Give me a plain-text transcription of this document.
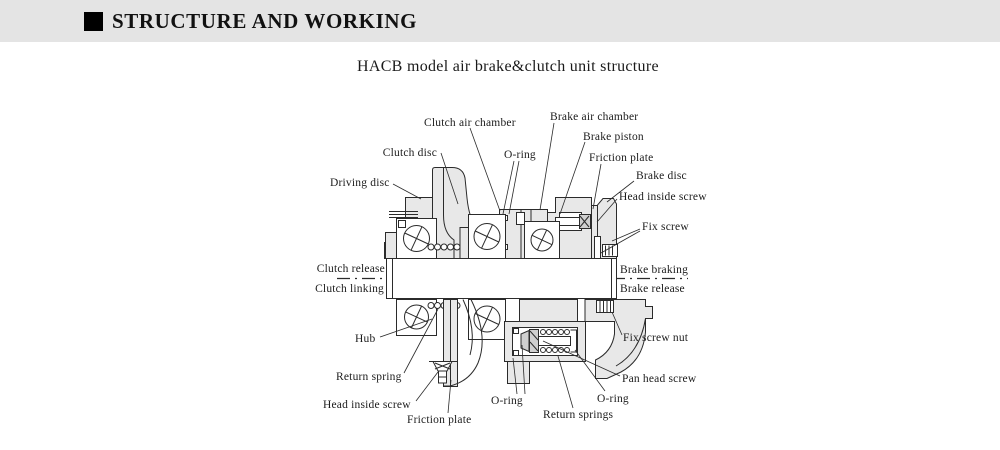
STRUCTURE AND WORKING
HACB model air brake&clutch unit structure
Clutch air chamber	Brake air chamber
Brake piston
Clutch disc	O-ring	Friction plate
Driving disc
Brake disc
Head inside screw
Fix screw
Clutch release
Clutch linking
Brake braking
Brake release
Hub	Fix screw nut
Return spring	Pan head screw
Head inside screw	O-ring	O-ring
Friction plate	Return springs
